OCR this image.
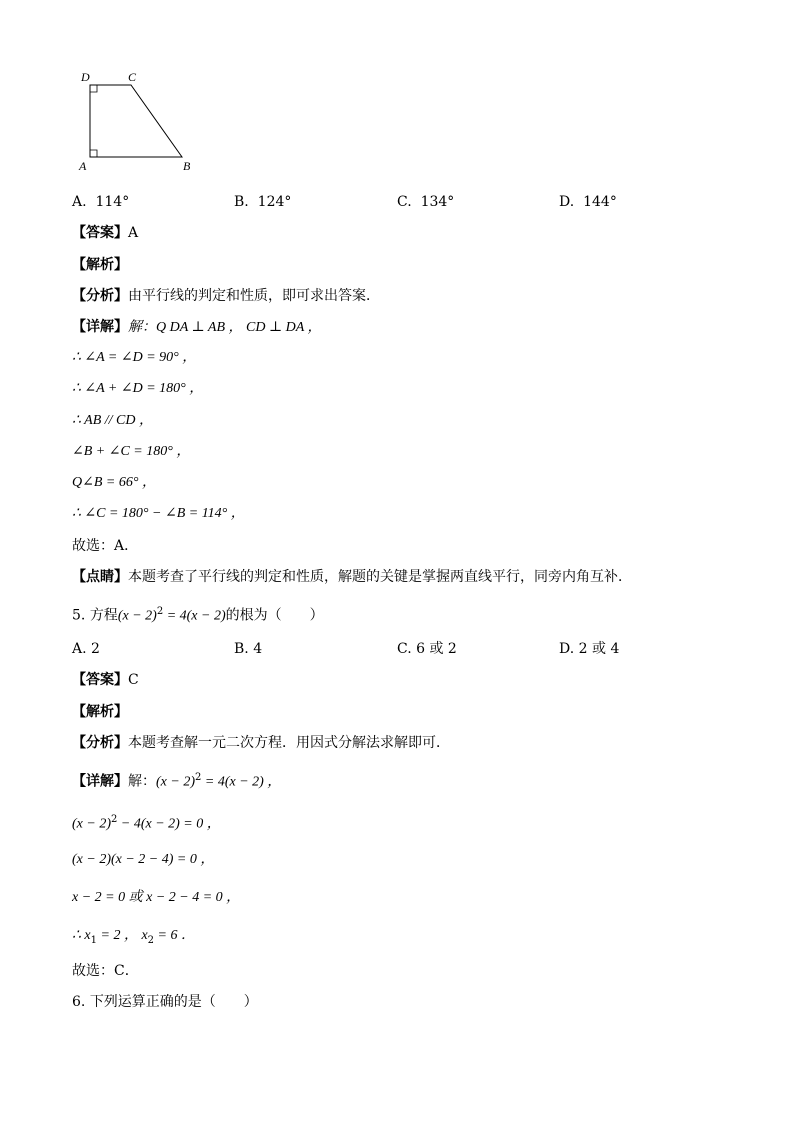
D	C
A	B
A. 114°	B. 124°	C. 134°	D. 144°
【答案】A
【解析】
【分析】由平行线的判定和性质，即可求出答案．
【详解】解：Q DA ⊥ AB ， CD ⊥ DA ，
∴ ∠A = ∠D = 90° ，
∴ ∠A + ∠D = 180° ，
∴ AB // CD ，
∠B + ∠C = 180° ，
Q∠B = 66° ，
∴ ∠C = 180° − ∠B = 114° ，
故选：A．
【点睛】本题考查了平行线的判定和性质，解题的关键是掌握两直线平行，同旁内角互补．
5. 方程$(x - 2)^2 = 4(x - 2)$的根为（　　）
A. 2	B. 4	C. 6 或 2	D. 2 或 4
【答案】C
【解析】
【分析】本题考查解一元二次方程．用因式分解法求解即可．
【详解】解：$(x - 2)^2 = 4(x - 2)$ ，
$(x - 2)^2 - 4(x - 2) = 0$ ，
(x − 2)(x − 2 − 4) = 0 ，
x − 2 = 0 或 x − 2 − 4 = 0 ，
∴ $x_1 = 2$ ， $x_2 = 6$ ．
故选：C．
6. 下列运算正确的是（　　）
